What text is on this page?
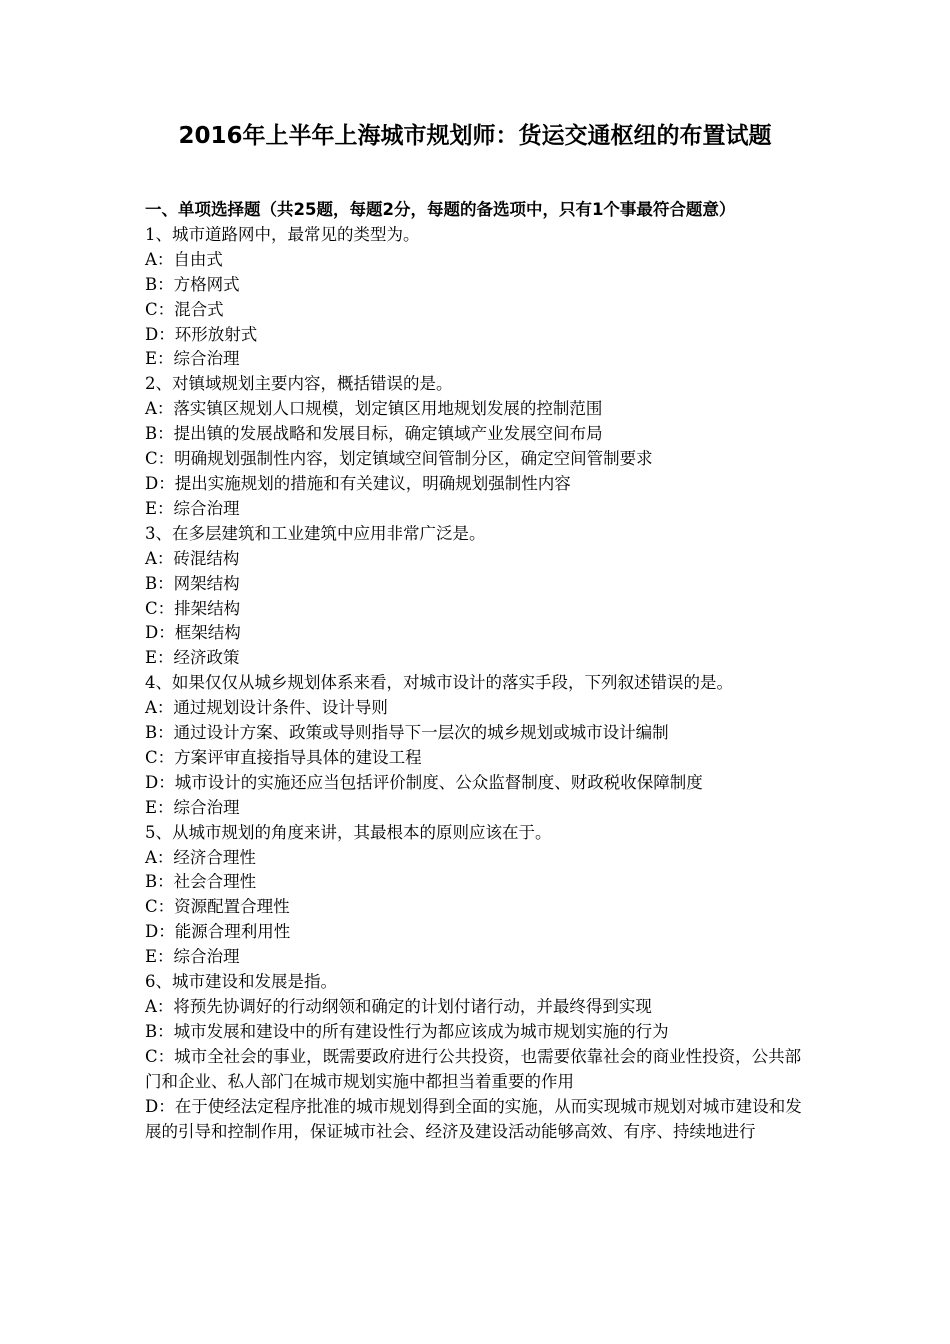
2016年上半年上海城市规划师：货运交通枢纽的布置试题

一、单项选择题（共25题，每题2分，每题的备选项中，只有1个事最符合题意）

1、城市道路网中，最常见的类型为。

A：自由式

B：方格网式

C：混合式

D：环形放射式

E：综合治理

2、对镇域规划主要内容，概括错误的是。

A：落实镇区规划人口规模，划定镇区用地规划发展的控制范围

B：提出镇的发展战略和发展目标，确定镇域产业发展空间布局

C：明确规划强制性内容，划定镇域空间管制分区，确定空间管制要求

D：提出实施规划的措施和有关建议，明确规划强制性内容

E：综合治理

3、在多层建筑和工业建筑中应用非常广泛是。

A：砖混结构

B：网架结构

C：排架结构

D：框架结构

E：经济政策

4、如果仅仅从城乡规划体系来看，对城市设计的落实手段，下列叙述错误的是。

A：通过规划设计条件、设计导则

B：通过设计方案、政策或导则指导下一层次的城乡规划或城市设计编制

C：方案评审直接指导具体的建设工程

D：城市设计的实施还应当包括评价制度、公众监督制度、财政税收保障制度

E：综合治理

5、从城市规划的角度来讲，其最根本的原则应该在于。

A：经济合理性

B：社会合理性

C：资源配置合理性

D：能源合理利用性

E：综合治理

6、城市建设和发展是指。

A：将预先协调好的行动纲领和确定的计划付诸行动，并最终得到实现

B：城市发展和建设中的所有建设性行为都应该成为城市规划实施的行为

C：城市全社会的事业，既需要政府进行公共投资，也需要依靠社会的商业性投资，公共部门和企业、私人部门在城市规划实施中都担当着重要的作用

D：在于使经法定程序批准的城市规划得到全面的实施，从而实现城市规划对城市建设和发展的引导和控制作用，保证城市社会、经济及建设活动能够高效、有序、持续地进行
